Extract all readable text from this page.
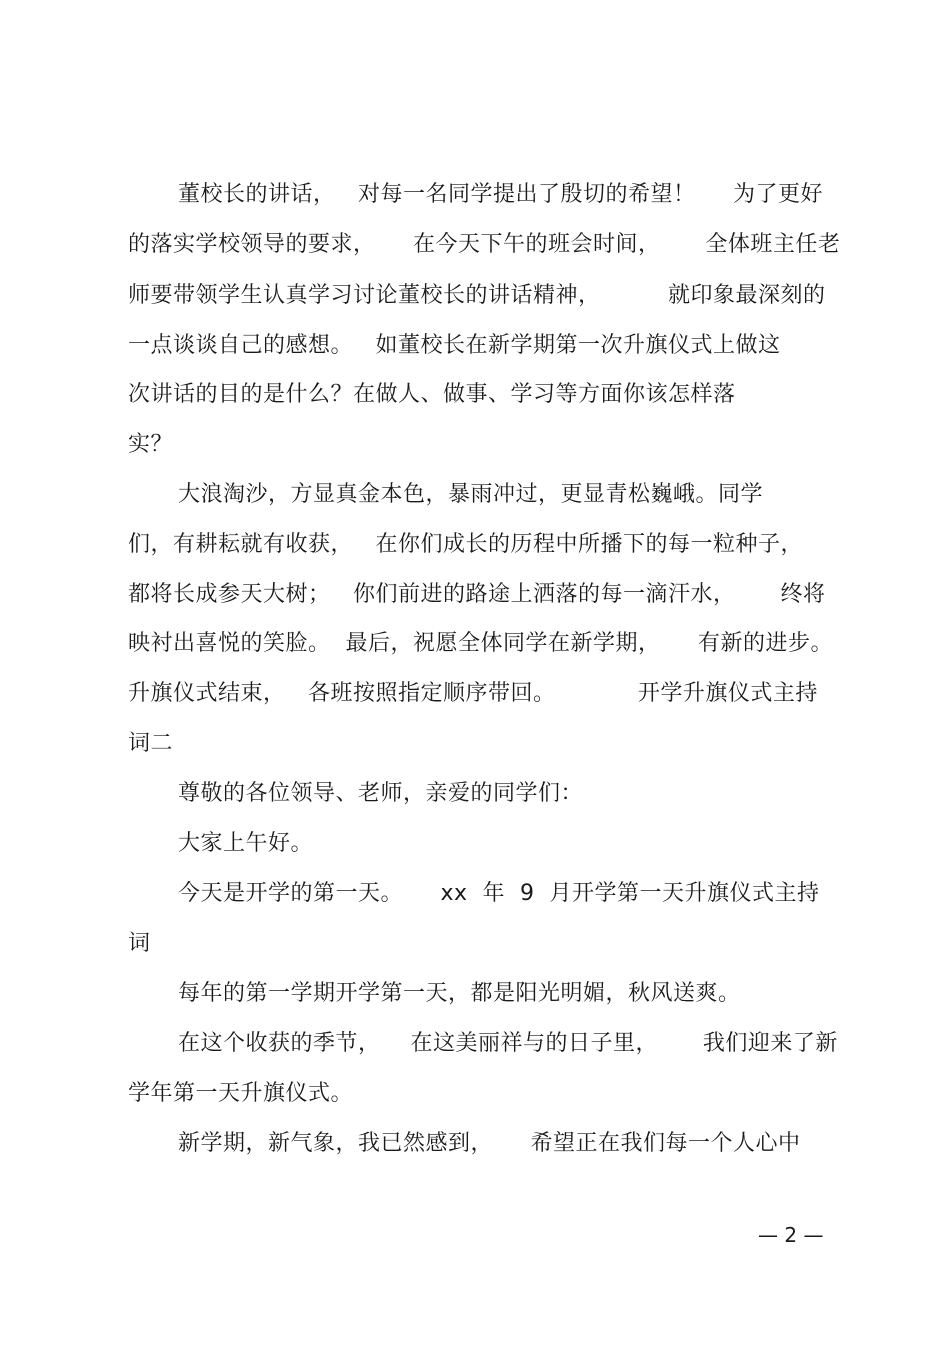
董校长的讲话，   对每一名同学提出了殷切的希望！     为了更好
的落实学校领导的要求，     在今天下午的班会时间，      全体班主任老
师要带领学生认真学习讨论董校长的讲话精神，         就印象最深刻的
一点谈谈自己的感想。   如董校长在新学期第一次升旗仪式上做这
次讲话的目的是什么？在做人、做事、学习等方面你该怎样落
实？
大浪淘沙，方显真金本色，暴雨冲过，更显青松巍峨。同学
们，有耕耘就有收获，   在你们成长的历程中所播下的每一粒种子，
都将长成参天大树；   你们前进的路途上洒落的每一滴汗水，      终将
映衬出喜悦的笑脸。  最后，祝愿全体同学在新学期，     有新的进步。
升旗仪式结束，   各班按照指定顺序带回。           开学升旗仪式主持
词二
尊敬的各位领导、老师，亲爱的同学们：
大家上午好。
今天是开学的第一天。     xx  年  9  月开学第一天升旗仪式主持
词
每年的第一学期开学第一天，都是阳光明媚，秋风送爽。
在这个收获的季节，    在这美丽祥与的日子里，      我们迎来了新
学年第一天升旗仪式。
新学期，新气象，我已然感到，     希望正在我们每一个人心中
— 2 —
